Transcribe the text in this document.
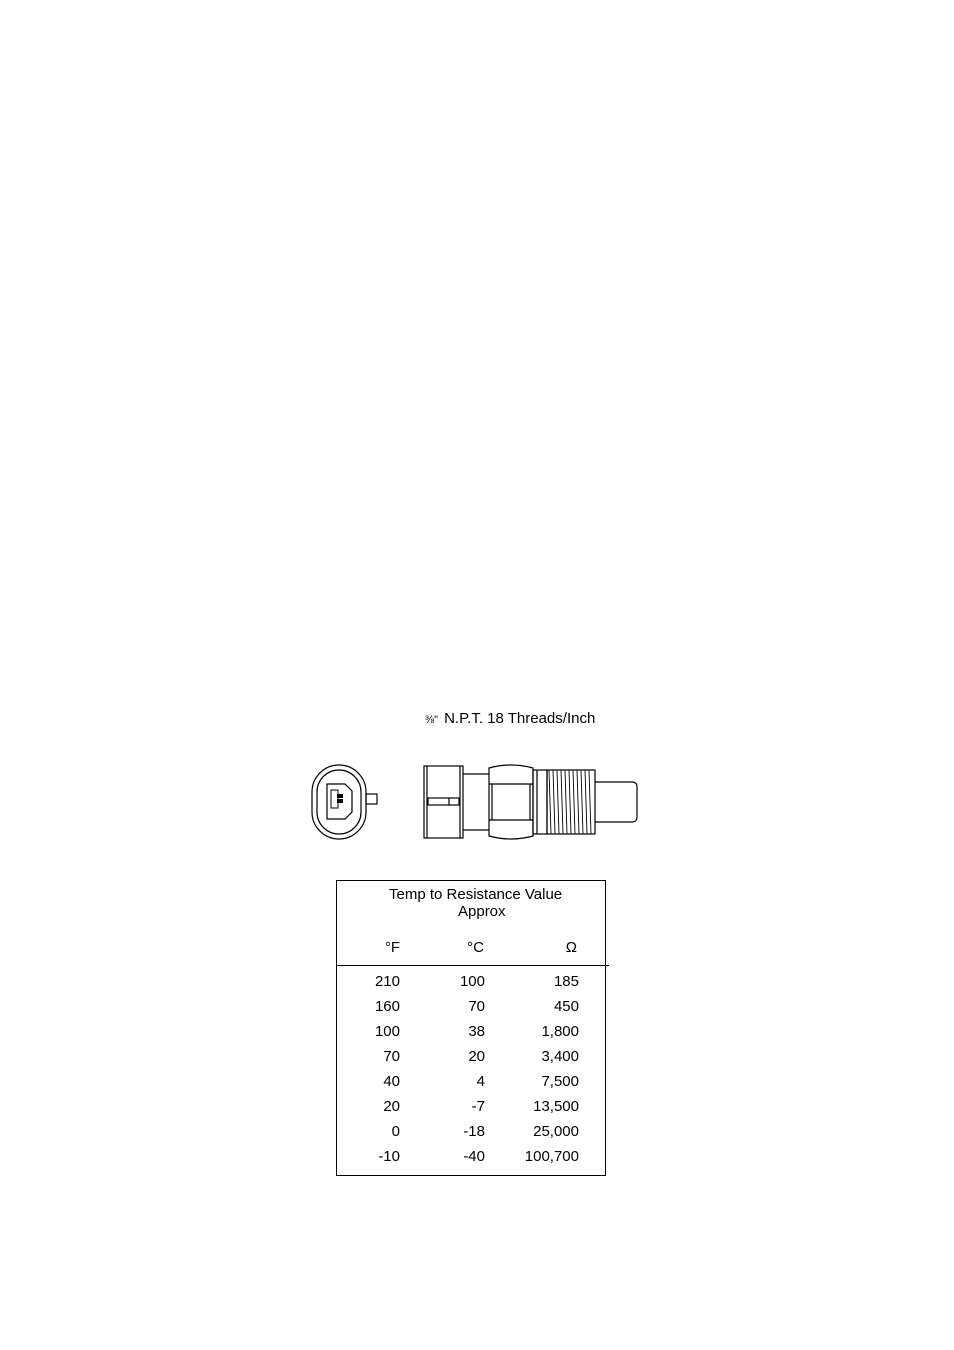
⅜" N.P.T. 18 Threads/Inch
Temp to Resistance Value
Approx
°F	°C	Ω
210	100	185
160	70	450
100	38	1,800
70	20	3,400
40	4	7,500
20	-7	13,500
0	-18	25,000
-10	-40	100,700
